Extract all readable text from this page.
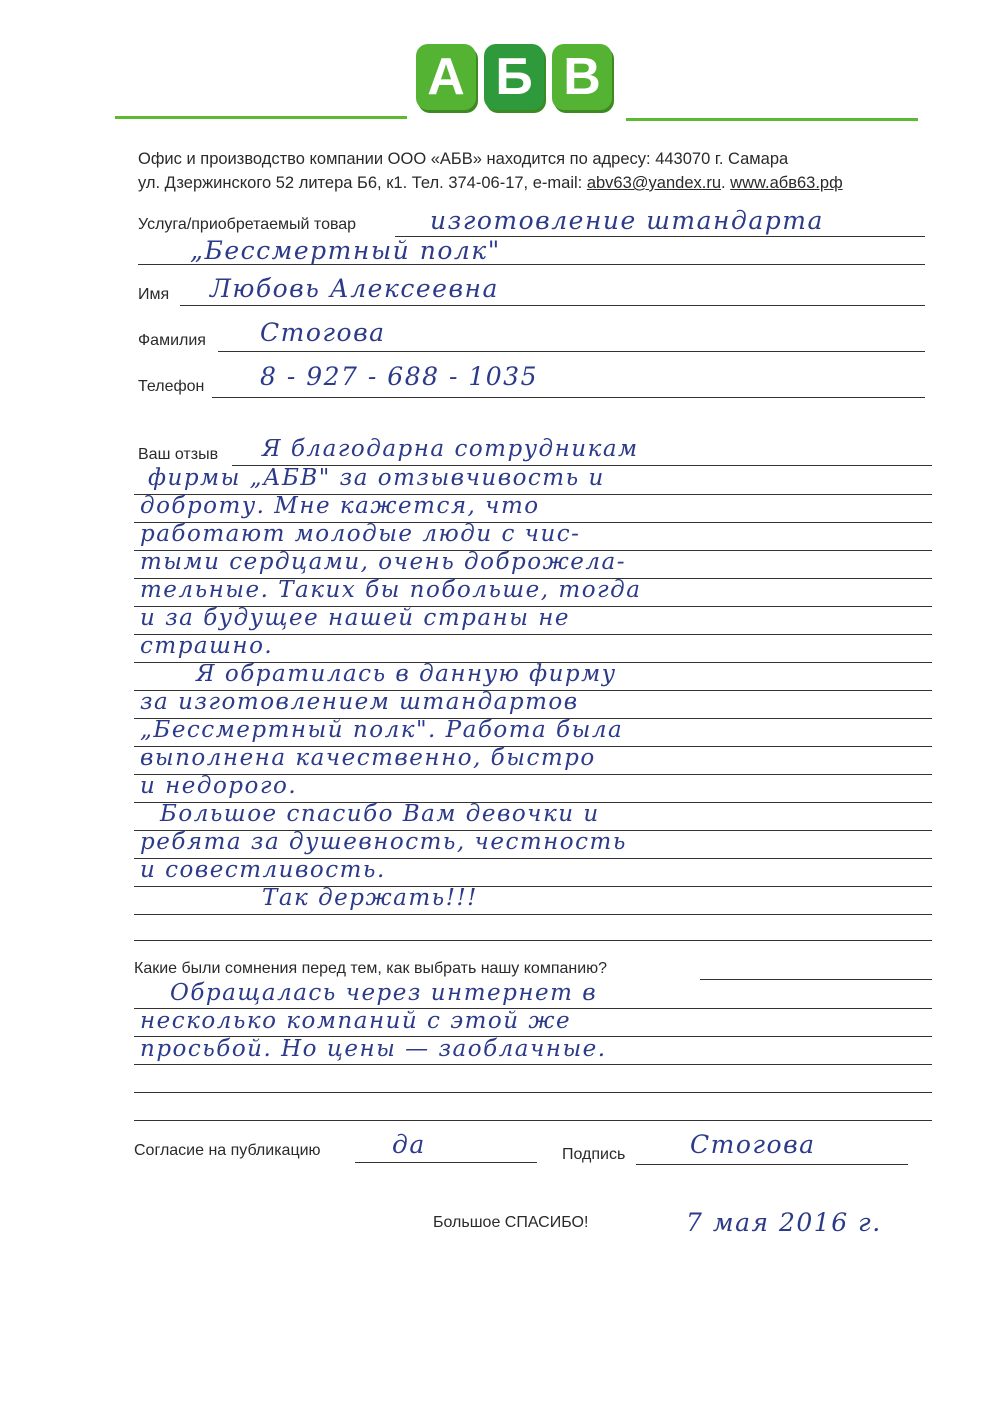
А Б В
Офис и производство компании ООО «АБВ» находится по адресу: 443070 г. Самара
ул. Дзержинского 52 литера Б6, к1. Тел. 374-06-17, e-mail: abv63@yandex.ru. www.абв63.рф
Услуга/приобретаемый товар	изготовление штандарта
„Бессмертный полк"
Имя Любовь Алексеевна
Фамилия Стогова
Телефон 8 - 927 - 688 - 1035
Ваш отзыв Я благодарна сотрудникам
фирмы „АБВ" за отзывчивость и
доброту. Мне кажется, что
работают молодые люди с чис-
тыми сердцами, очень доброжела-
тельные. Таких бы побольше, тогда
и за будущее нашей страны не
страшно.
Я обратилась в данную фирму
за изготовлением штандартов
„Бессмертный полк". Работа была
выполнена качественно, быстро
и недорого.
Большое спасибо Вам девочки и
ребята за душевность, честность
и совестливость.
Так держать!!!
Какие были сомнения перед тем, как выбрать нашу компанию?
Обращалась через интернет в
несколько компаний с этой же
просьбой. Но цены — заоблачные.
Согласие на публикацию	да	Подпись	Стогова
Большое СПАСИБО!	7 мая 2016 г.
